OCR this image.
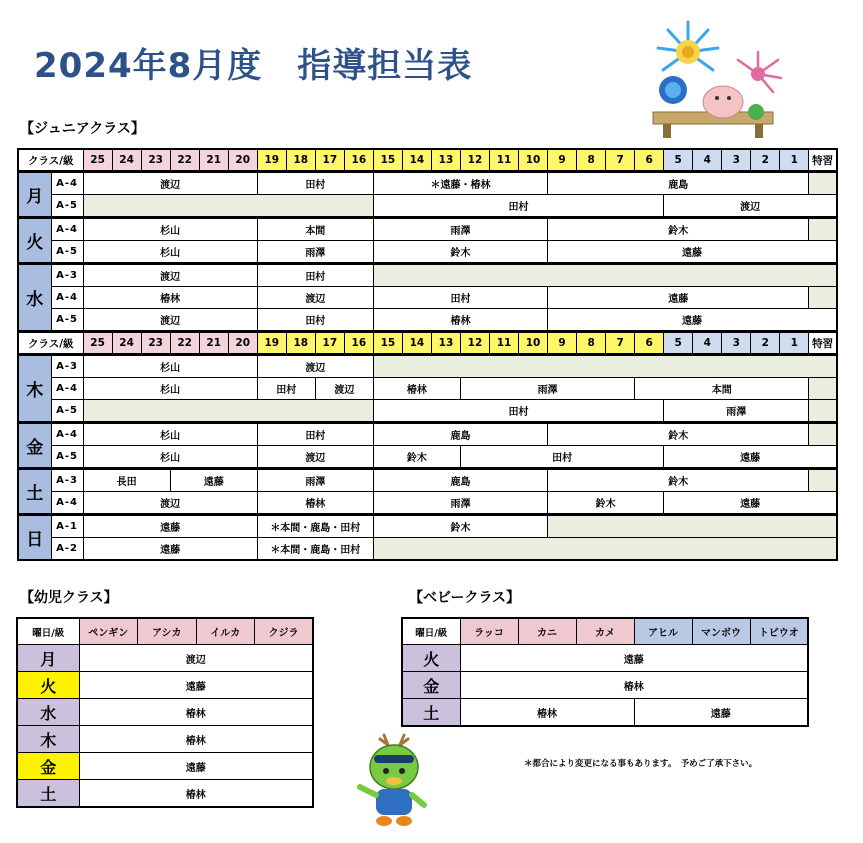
2024年8月度　指導担当表
【ジュニアクラス】
クラス/級		25	24	23	22	21	20	19	18	17	16	15	14	13	12	11	10	9	8	7	6	5	4	3	2	1	特習
月	A-4	渡辺						田村				＊遠藤・椿林						鹿島									
	A-5											田村										渡辺					
火	A-4	杉山						本間				雨澤						鈴木									
	A-5	杉山						雨澤				鈴木						遠藤									
水	A-3	渡辺						田村																			
	A-4	椿林						渡辺				田村						遠藤									
	A-5	渡辺						田村				椿林						遠藤									
クラス/級		25	24	23	22	21	20	19	18	17	16	15	14	13	12	11	10	9	8	7	6	5	4	3	2	1	特習
木	A-3	杉山						渡辺																			
	A-4	杉山						田村		渡辺		椿林			雨澤						本間						
	A-5											田村										雨澤					
金	A-4	杉山						田村				鹿島						鈴木									
	A-5	杉山						渡辺				鈴木			田村							遠藤					
土	A-3	長田			遠藤			雨澤				鹿島						鈴木									
	A-4	渡辺						椿林				雨澤						鈴木				遠藤					
日	A-1	遠藤						＊本間・鹿島・田村				鈴木															
	A-2	遠藤						＊本間・鹿島・田村																			
【幼児クラス】
曜日/級	ペンギン	アシカ	イルカ	クジラ
月	渡辺			
火	遠藤			
水	椿林			
木	椿林			
金	遠藤			
土	椿林			
【ベビークラス】
曜日/級	ラッコ	カニ	カメ	アヒル	マンボウ	トビウオ
火	遠藤					
金	椿林					
土	椿林			遠藤		
＊都合により変更になる事もあります。　予めご了承下さい。
